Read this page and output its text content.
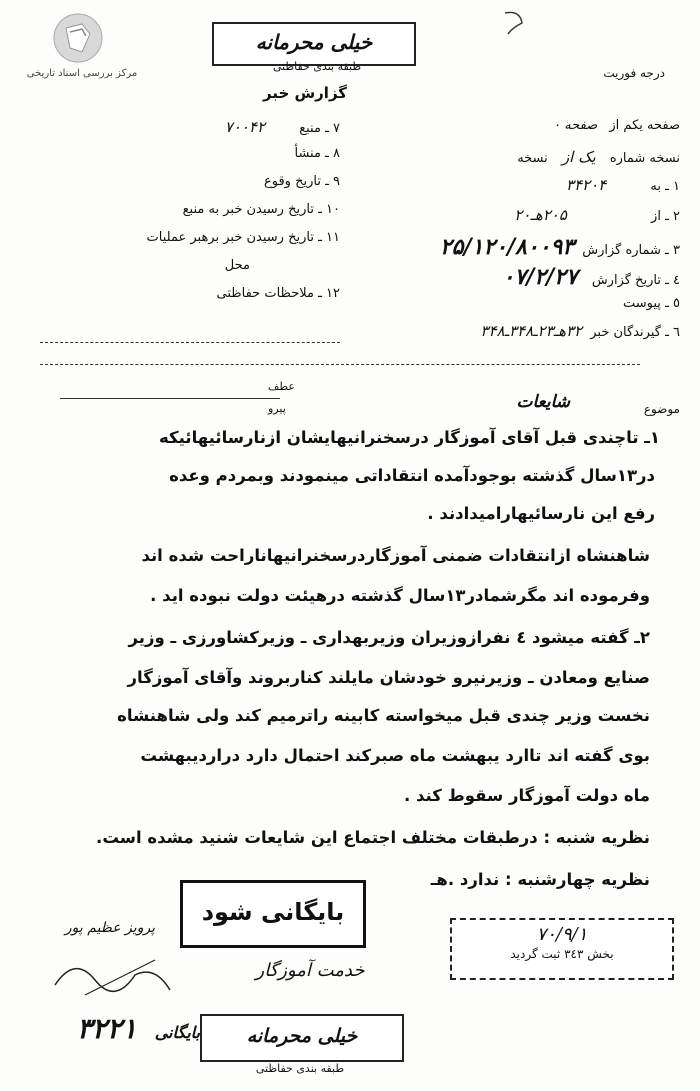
مرکز بررسی اسناد تاریخی
خیلی محرمانه
طبقه بندی حفاظتی	درجه فوریت
گزارش خبر
صفحه یکم از صفحه ۰
نسخه شماره یک از نسخه
۱ ـ به ۳۴۲۰۴
۲ ـ از ۲۰۵هـ۲۰
۳ ـ شماره گزارش ۲۵/۱۲۰/۸۰۰۹۳
٤ ـ تاریخ گزارش ۰۷/۲/۲۷
٥ ـ پیوست
٦ ـ گیرندگان خبر ۳۲هـ۲۳ـ۳۴۸ـ۳۴۸
۷ ـ منبع ۷۰۰۴۲
۸ ـ منشأ
۹ ـ تاریخ وقوع
۱۰ ـ تاریخ رسیدن خبر به منبع
۱۱ ـ تاریخ رسیدن خبر برهبر عملیات
محل
۱۲ ـ ملاحظات حفاظتی
موضوع
شایعات
عطف
پیرو
۱ـ تاچندی قبل آقای آموزگار درسخنرانیهایشان ازنارسائیهائیکه
در۱۳سال گذشته بوجودآمده انتقاداتی مینمودند وبمردم وعده
رفع این نارسائیهارامیدادند .
شاهنشاه ازانتقادات ضمنی آموزگاردرسخنرانیهاناراحت شده اند
وفرموده اند مگرشمادر۱۳سال گذشته درهیئت دولت نبوده اید .
۲ـ گفته میشود ٤ نفرازوزیران وزیربهداری ـ وزیرکشاورزی ـ وزیر
صنایع ومعادن ـ وزیرنیرو خودشان مایلند کناربروند وآقای آموزگار
نخست وزیر چندی قبل میخواسته کابینه راترمیم کند ولی شاهنشاه
بوی گفته اند تاارد یبهشت ماه صبرکند احتمال دارد دراردیبهشت
ماه دولت آموزگار سقوط کند .
نظریه شنبه : درطبقات مختلف اجتماع این شایعات شنید مشده است.
نظریه چهارشنبه : ندارد .هـ
بایگانی شود
خدمت آموزگار
۷۰/۹/۱
بخش ۳٤۳ ثبت گردید
پرویز عظیم پور
بایگانی ۳۲۲۱	خیلی محرمانه
طبقه بندی حفاظتی
